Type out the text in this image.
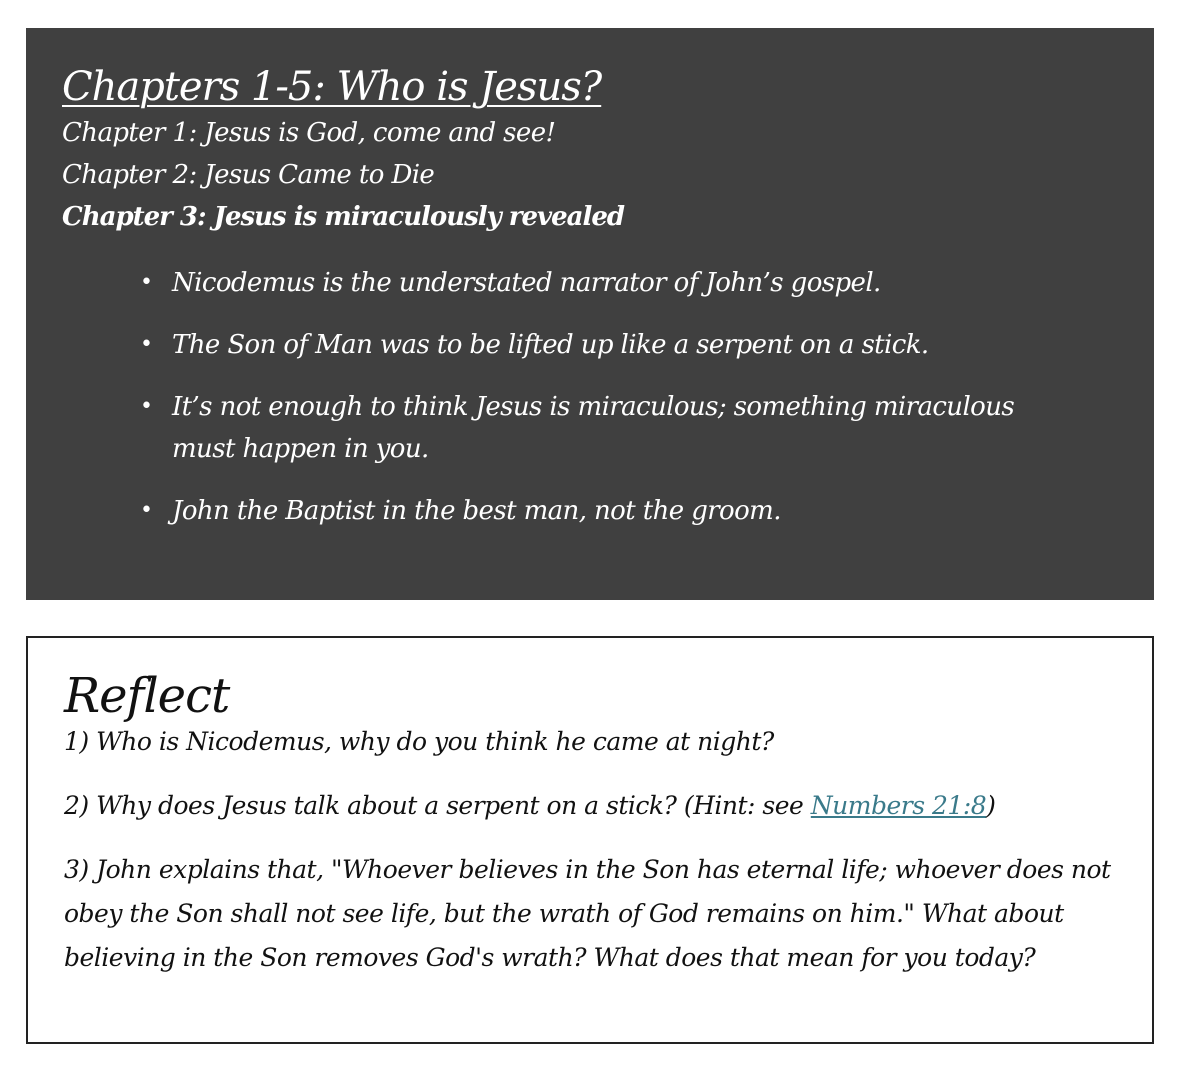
Chapters 1-5: Who is Jesus?

Chapter 1: Jesus is God, come and see!

Chapter 2: Jesus Came to Die

Chapter 3: Jesus is miraculously revealed

• Nicodemus is the understated narrator of John’s gospel.
• The Son of Man was to be lifted up like a serpent on a stick.
• It’s not enough to think Jesus is miraculous; something miraculous must happen in you.
• John the Baptist in the best man, not the groom.
Reflect

1) Who is Nicodemus, why do you think he came at night?

2) Why does Jesus talk about a serpent on a stick? (Hint: see Numbers 21:8)

3) John explains that, "Whoever believes in the Son has eternal life; whoever does not obey the Son shall not see life, but the wrath of God remains on him." What about believing in the Son removes God's wrath? What does that mean for you today?
